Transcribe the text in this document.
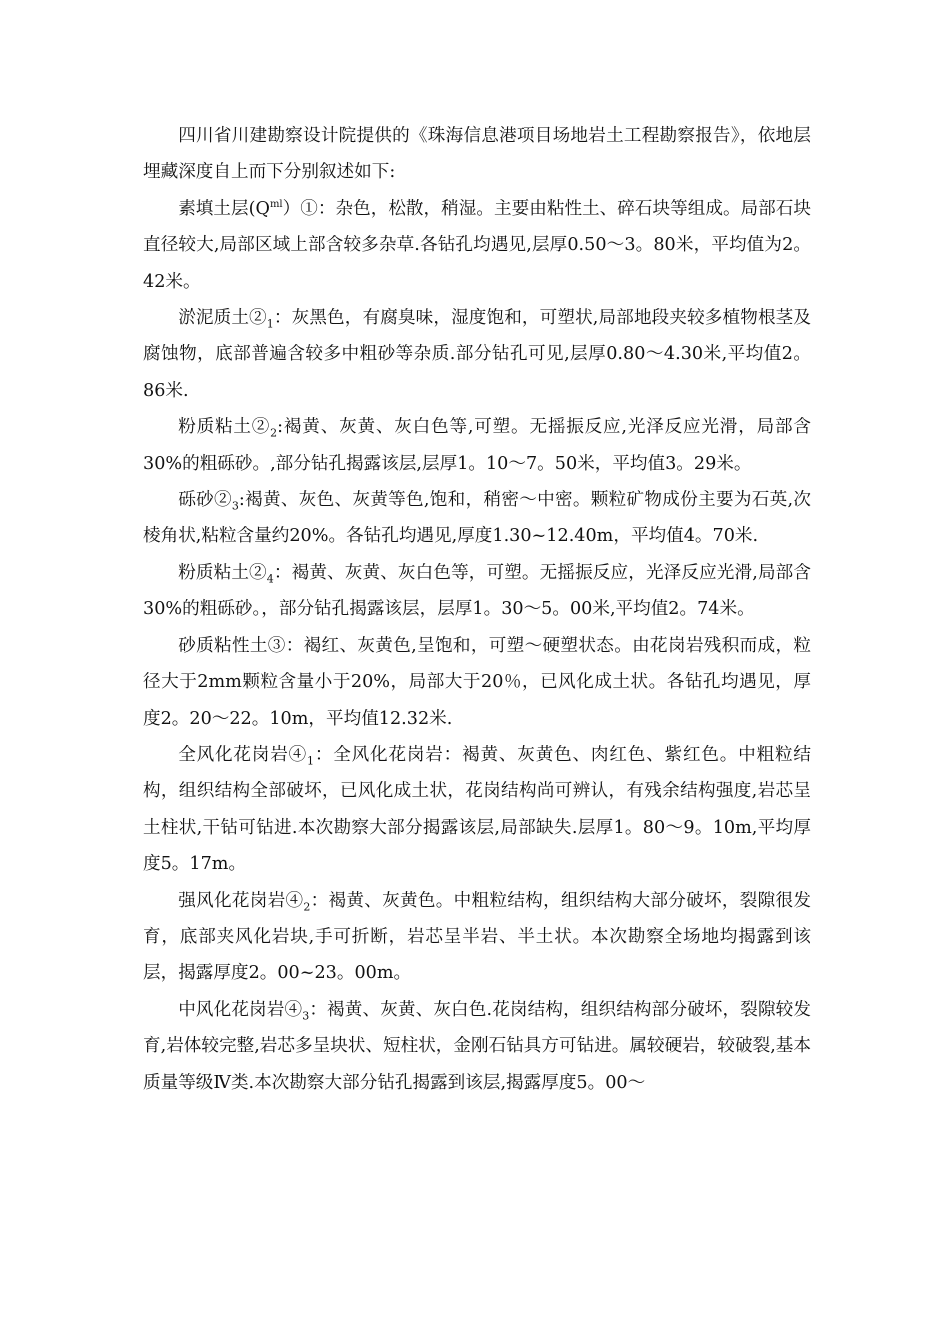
四川省川建勘察设计院提供的《珠海信息港项目场地岩土工程勘察报告》，依地层埋藏深度自上而下分别叙述如下:

素填土层$(Q^{ml})①$：杂色，松散，稍湿。主要由粘性土、碎石块等组成。局部石块直径较大,局部区域上部含较多杂草.各钻孔均遇见,层厚0.50～3。80米，平均值为2。42米。

淤泥质土$②_1$：灰黑色，有腐臭味，湿度饱和，可塑状,局部地段夹较多植物根茎及腐蚀物，底部普遍含较多中粗砂等杂质.部分钻孔可见,层厚0.80～4.30米,平均值2。86米.

粉质粘土$②_2$:褐黄、灰黄、灰白色等,可塑。无摇振反应,光泽反应光滑，局部含30%的粗砾砂。,部分钻孔揭露该层,层厚1。10～7。50米，平均值3。29米。

砾砂$②_3$:褐黄、灰色、灰黄等色,饱和，稍密～中密。颗粒矿物成份主要为石英,次棱角状,粘粒含量约20%。各钻孔均遇见,厚度1.30~12.40m，平均值4。70米.

粉质粘土$②_4$：褐黄、灰黄、灰白色等，可塑。无摇振反应，光泽反应光滑,局部含30%的粗砾砂。，部分钻孔揭露该层，层厚1。30～5。00米,平均值2。74米。

砂质粘性土③：褐红、灰黄色,呈饱和，可塑～硬塑状态。由花岗岩残积而成，粒径大于2mm颗粒含量小于20%，局部大于20％，已风化成土状。各钻孔均遇见，厚度2。20～22。10m，平均值12.32米.

全风化花岗岩$④_1$：全风化花岗岩：褐黄、灰黄色、肉红色、紫红色。中粗粒结构，组织结构全部破坏，已风化成土状，花岗结构尚可辨认，有残余结构强度,岩芯呈土柱状,干钻可钻进.本次勘察大部分揭露该层,局部缺失.层厚1。80～9。10m,平均厚度5。17m。

强风化花岗岩$④_2$：褐黄、灰黄色。中粗粒结构，组织结构大部分破坏，裂隙很发育，底部夹风化岩块,手可折断，岩芯呈半岩、半土状。本次勘察全场地均揭露到该层，揭露厚度2。00~23。00m。

中风化花岗岩$④_3$：褐黄、灰黄、灰白色.花岗结构，组织结构部分破坏，裂隙较发育,岩体较完整,岩芯多呈块状、短柱状，金刚石钻具方可钻进。属较硬岩，较破裂,基本质量等级Ⅳ类.本次勘察大部分钻孔揭露到该层,揭露厚度5。00～
